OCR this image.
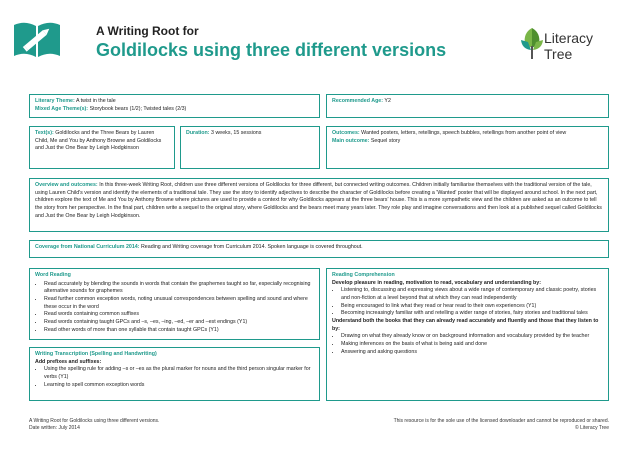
A Writing Root for
Goldilocks using three different versions
Literacy
Tree
Literary Theme: A twist in the tale
Mixed Age Theme(s): Storybook bears (1/2); Twisted tales (2/3)
Recommended Age: Y2
Text(s): Goldilocks and the Three Bears by Lauren Child, Me and You by Anthony Browne and Goldilocks and Just the One Bear by Leigh Hodgkinson
Duration: 3 weeks, 15 sessions	Outcomes: Wanted posters, letters, retellings, speech bubbles, retellings from another point of view
Main outcome: Sequel story
Overview and outcomes: In this three-week Writing Root, children use three different versions of Goldilocks for three different, but connected writing outcomes. Children initially familiarise themselves with the traditional version of the tale, using Lauren Child's version and identify the elements of a traditional tale. They use the story to identify adjectives to describe the character of Goldilocks before creating a 'Wanted' poster that will be displayed around school. In the next part, children explore the text of Me and You by Anthony Browne where pictures are used to provide a context for why Goldilocks appears at the three bears' house. This is a more sympathetic view and the children are asked as an outcome to tell the story from her perspective. In the final part, children write a sequel to the original story, where Goldilocks and the bears meet many years later. They role play and imagine conversations and then look at a published sequel called Goldilocks and Just the One Bear by Leigh Hodgkinson.
Coverage from National Curriculum 2014: Reading and Writing coverage from Curriculum 2014. Spoken language is covered throughout.
Word Reading
• Read accurately by blending the sounds in words that contain the graphemes taught so far, especially recognising alternative sounds for graphemes
• Read further common exception words, noting unusual correspondences between spelling and sound and where these occur in the word
• Read words containing common suffixes
• Read words containing taught GPCs and –s, –es, –ing, –ed, –er and –est endings (Y1)
• Read other words of more than one syllable that contain taught GPCs (Y1)
Writing Transcription (Spelling and Handwriting)
Add prefixes and suffixes:
• Using the spelling rule for adding –s or –es as the plural marker for nouns and the third person singular marker for verbs (Y1)
• Learning to spell common exception words
Reading Comprehension
Develop pleasure in reading, motivation to read, vocabulary and understanding by:
• Listening to, discussing and expressing views about a wide range of contemporary and classic poetry, stories and non-fiction at a level beyond that at which they can read independently
• Being encouraged to link what they read or hear read to their own experiences (Y1)
• Becoming increasingly familiar with and retelling a wider range of stories, fairy stories and traditional tales
Understand both the books that they can already read accurately and fluently and those that they listen to by:
• Drawing on what they already know or on background information and vocabulary provided by the teacher
• Making inferences on the basis of what is being said and done
• Answering and asking questions
A Writing Root for Goldilocks using three different versions.
Date written: July 2014
This resource is for the sole use of the licensed downloader and cannot be reproduced or shared.
© Literacy Tree
